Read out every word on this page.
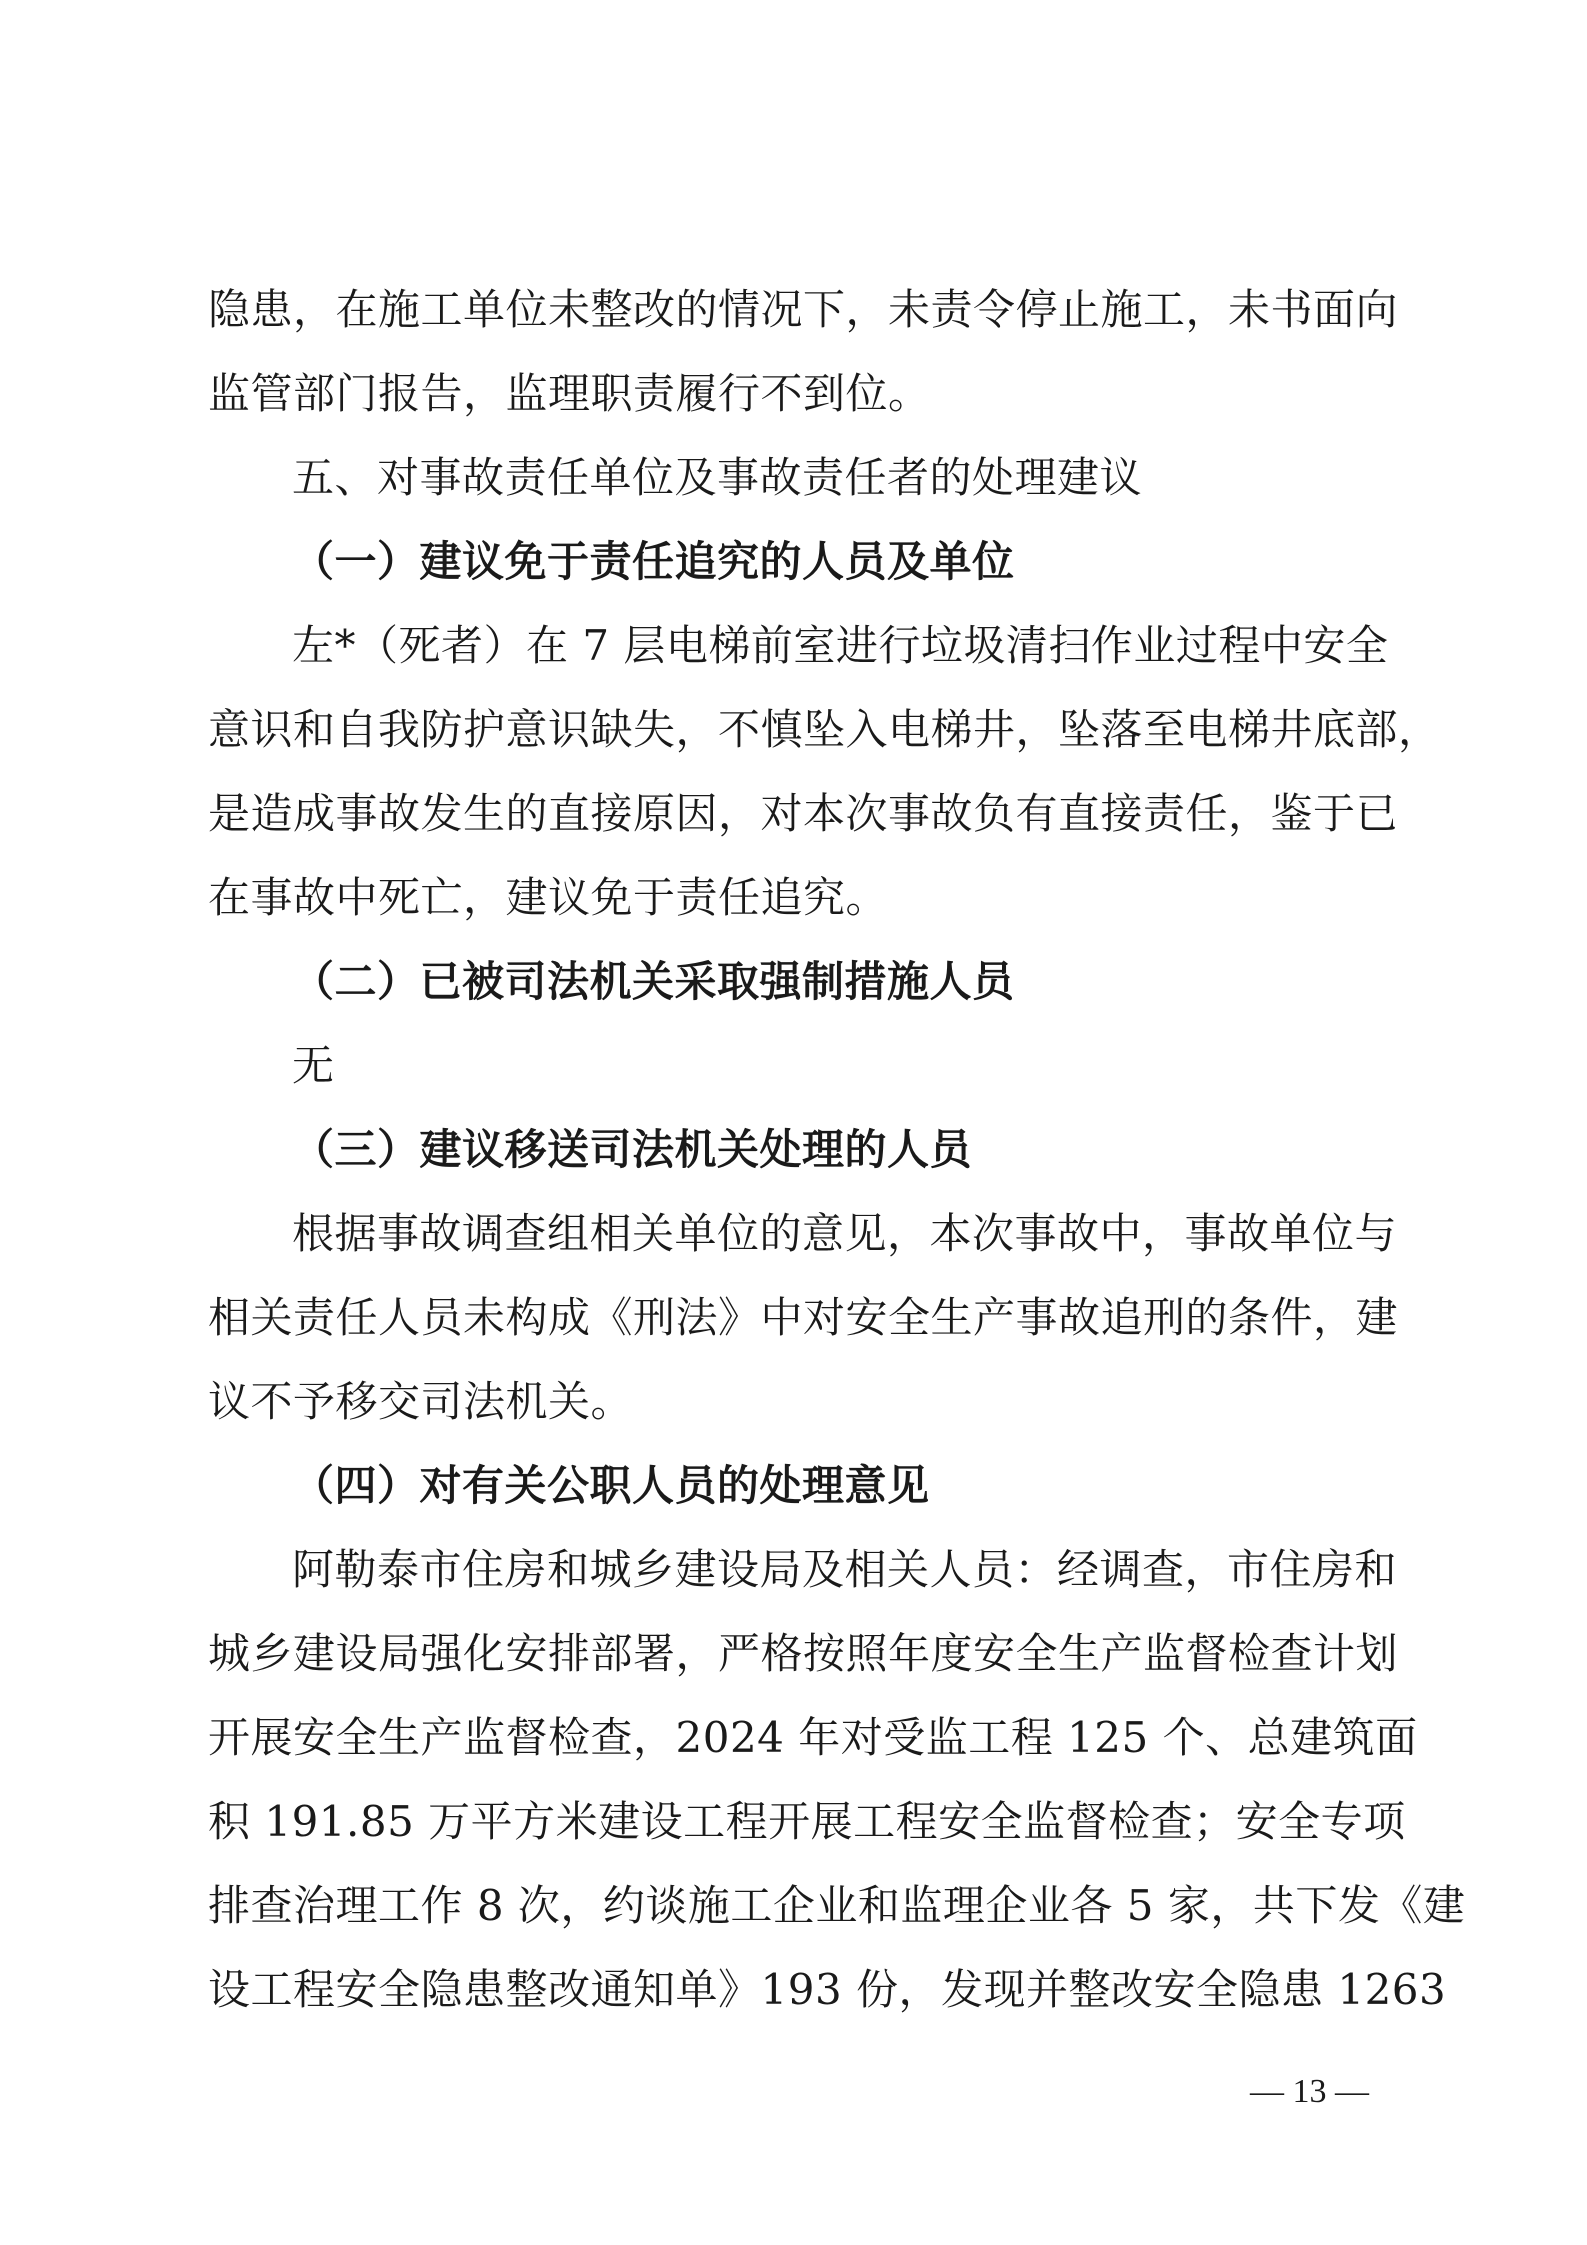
隐患，在施工单位未整改的情况下，未责令停止施工，未书面向
监管部门报告，监理职责履行不到位。
五、对事故责任单位及事故责任者的处理建议
（一）建议免于责任追究的人员及单位
左*（死者）在 7 层电梯前室进行垃圾清扫作业过程中安全
意识和自我防护意识缺失，不慎坠入电梯井，坠落至电梯井底部，
是造成事故发生的直接原因，对本次事故负有直接责任，鉴于已
在事故中死亡，建议免于责任追究。
（二）已被司法机关采取强制措施人员
无
（三）建议移送司法机关处理的人员
根据事故调查组相关单位的意见，本次事故中，事故单位与
相关责任人员未构成《刑法》中对安全生产事故追刑的条件，建
议不予移交司法机关。
（四）对有关公职人员的处理意见
阿勒泰市住房和城乡建设局及相关人员：经调查，市住房和
城乡建设局强化安排部署，严格按照年度安全生产监督检查计划
开展安全生产监督检查，2024 年对受监工程 125 个、总建筑面
积 191.85 万平方米建设工程开展工程安全监督检查；安全专项
排查治理工作 8 次，约谈施工企业和监理企业各 5 家，共下发《建
设工程安全隐患整改通知单》193 份，发现并整改安全隐患 1263
— 13 —
